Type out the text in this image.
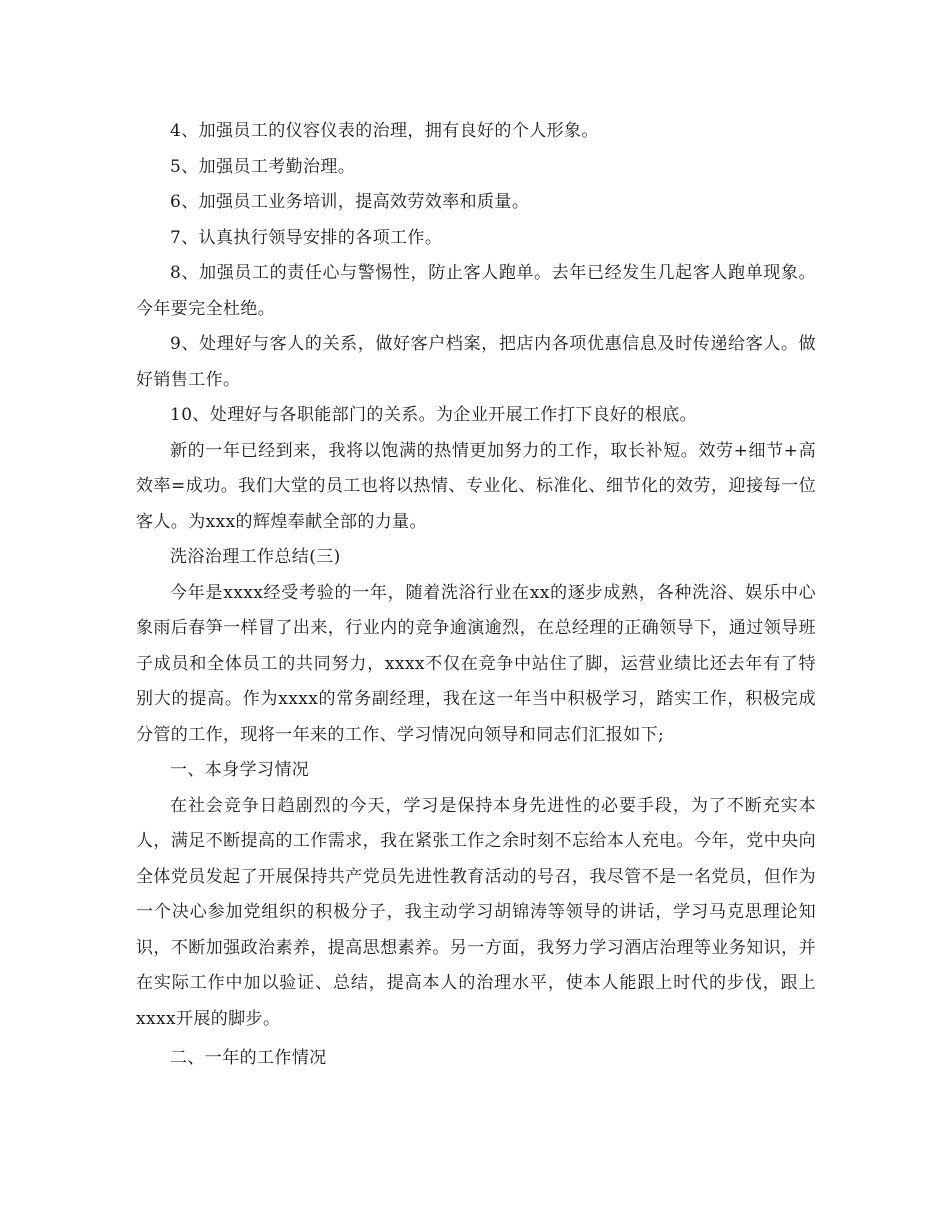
4、加强员工的仪容仪表的治理，拥有良好的个人形象。

5、加强员工考勤治理。

6、加强员工业务培训，提高效劳效率和质量。

7、认真执行领导安排的各项工作。

8、加强员工的责任心与警惕性，防止客人跑单。去年已经发生几起客人跑单现象。今年要完全杜绝。

9、处理好与客人的关系，做好客户档案，把店内各项优惠信息及时传递给客人。做好销售工作。

10、处理好与各职能部门的关系。为企业开展工作打下良好的根底。

新的一年已经到来，我将以饱满的热情更加努力的工作，取长补短。效劳+细节+高效率=成功。我们大堂的员工也将以热情、专业化、标准化、细节化的效劳，迎接每一位客人。为xxx的辉煌奉献全部的力量。

洗浴治理工作总结(三)

今年是xxxx经受考验的一年，随着洗浴行业在xx的逐步成熟，各种洗浴、娱乐中心象雨后春笋一样冒了出来，行业内的竞争逾演逾烈，在总经理的正确领导下，通过领导班子成员和全体员工的共同努力，xxxx不仅在竞争中站住了脚，运营业绩比还去年有了特别大的提高。作为xxxx的常务副经理，我在这一年当中积极学习，踏实工作，积极完成分管的工作，现将一年来的工作、学习情况向领导和同志们汇报如下;

一、本身学习情况

在社会竞争日趋剧烈的今天，学习是保持本身先进性的必要手段，为了不断充实本人，满足不断提高的工作需求，我在紧张工作之余时刻不忘给本人充电。今年，党中央向全体党员发起了开展保持共产党员先进性教育活动的号召，我尽管不是一名党员，但作为一个决心参加党组织的积极分子，我主动学习胡锦涛等领导的讲话，学习马克思理论知识，不断加强政治素养，提高思想素养。另一方面，我努力学习酒店治理等业务知识，并在实际工作中加以验证、总结，提高本人的治理水平，使本人能跟上时代的步伐，跟上xxxx开展的脚步。

二、一年的工作情况
